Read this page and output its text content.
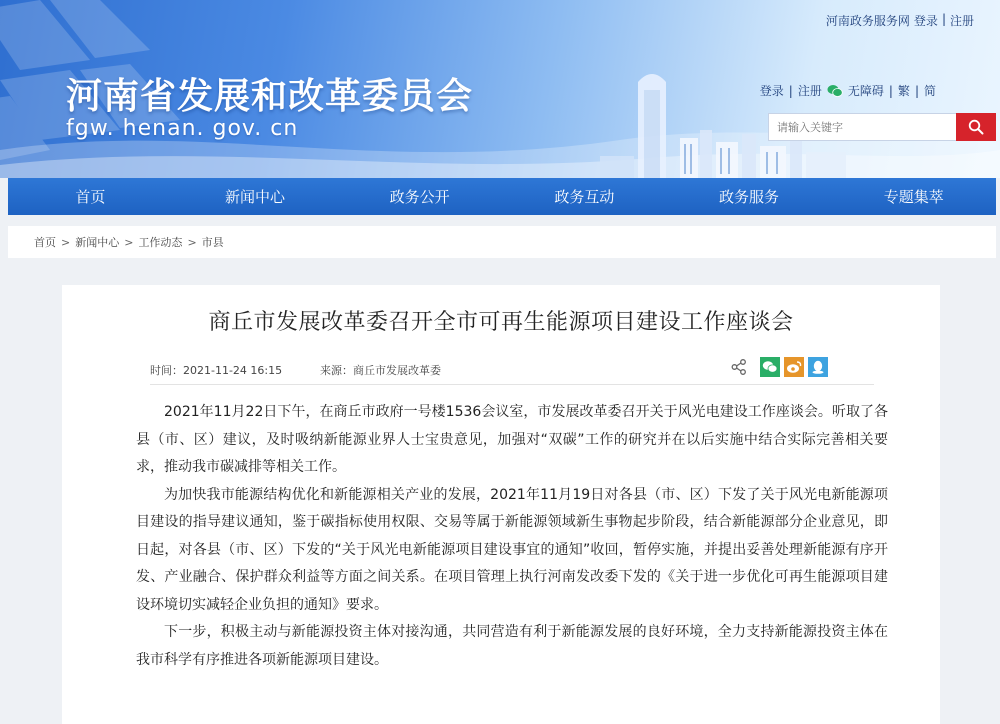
河南省发展和改革委员会
fgw. henan. gov. cn
河南政务服务网 登录 | 注册
登录 | 注册 无障碍 | 繁 | 简
请输入关键字
首页	新闻中心	政务公开	政务互动	政务服务	专题集萃
首页 > 新闻中心 > 工作动态 > 市县
商丘市发展改革委召开全市可再生能源项目建设工作座谈会
时间：2021-11-24 16:15	来源：商丘市发展改革委

2021年11月22日下午，在商丘市政府一号楼1536会议室，市发展改革委召开关于风光电建设工作座谈会。听取了各县（市、区）建议，及时吸纳新能源业界人士宝贵意见，加强对“双碳”工作的研究并在以后实施中结合实际完善相关要求，推动我市碳减排等相关工作。

为加快我市能源结构优化和新能源相关产业的发展，2021年11月19日对各县（市、区）下发了关于风光电新能源项目建设的指导建议通知，鉴于碳指标使用权限、交易等属于新能源领域新生事物起步阶段，结合新能源部分企业意见，即日起，对各县（市、区）下发的“关于风光电新能源项目建设事宜的通知”收回，暂停实施，并提出妥善处理新能源有序开发、产业融合、保护群众利益等方面之间关系。在项目管理上执行河南发改委下发的《关于进一步优化可再生能源项目建设环境切实减轻企业负担的通知》要求。

下一步，积极主动与新能源投资主体对接沟通，共同营造有利于新能源发展的良好环境，全力支持新能源投资主体在我市科学有序推进各项新能源项目建设。
